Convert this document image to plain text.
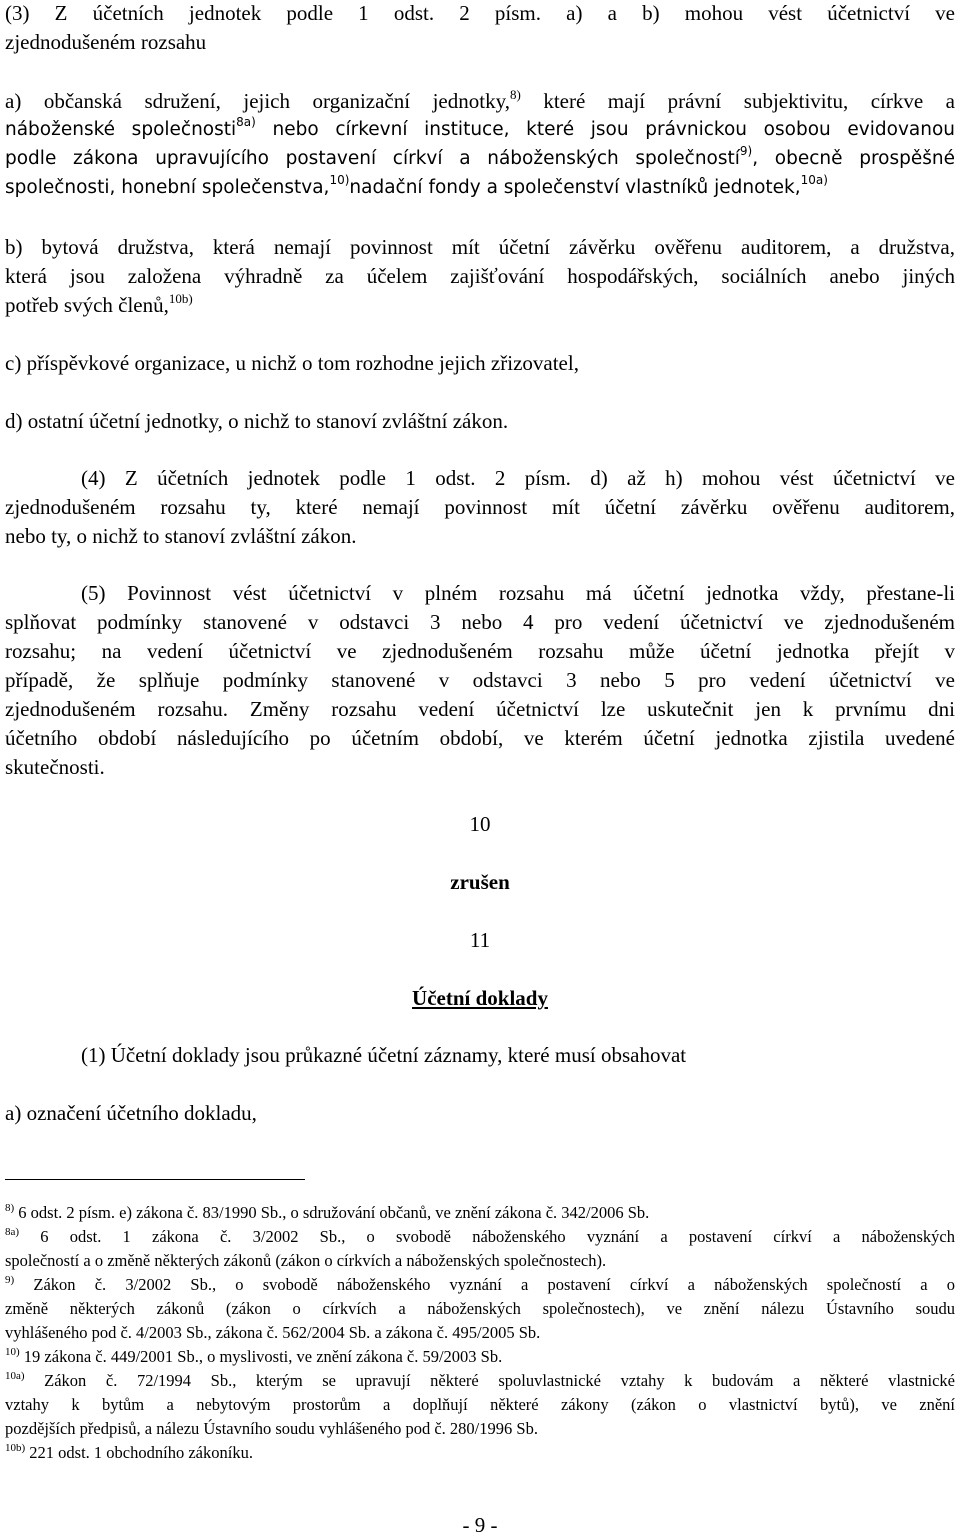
(3) Z účetních jednotek podle 1 odst. 2 písm. a) a b) mohou vést účetnictví ve
zjednodušeném rozsahu
a) občanská sdružení, jejich organizační jednotky,$^{8)}$ které mají právní subjektivitu, církve a
náboženské společnosti$^{8a)}$ nebo církevní instituce, které jsou právnickou osobou evidovanou
podle zákona upravujícího postavení církví a náboženských společností$^{9)}$, obecně prospěšné
společnosti, honební společenstva,$^{10)}$nadační fondy a společenství vlastníků jednotek,$^{10a)}$
b) bytová družstva, která nemají povinnost mít účetní závěrku ověřenu auditorem, a družstva,
která jsou založena výhradně za účelem zajišťování hospodářských, sociálních anebo jiných
potřeb svých členů,$^{10b)}$
c) příspěvkové organizace, u nichž o tom rozhodne jejich zřizovatel,
d) ostatní účetní jednotky, o nichž to stanoví zvláštní zákon.
(4) Z účetních jednotek podle 1 odst. 2 písm. d) až h) mohou vést účetnictví ve
zjednodušeném rozsahu ty, které nemají povinnost mít účetní závěrku ověřenu auditorem,
nebo ty, o nichž to stanoví zvláštní zákon.
(5) Povinnost vést účetnictví v plném rozsahu má účetní jednotka vždy, přestane-li
splňovat podmínky stanovené v odstavci 3 nebo 4 pro vedení účetnictví ve zjednodušeném
rozsahu; na vedení účetnictví ve zjednodušeném rozsahu může účetní jednotka přejít v
případě, že splňuje podmínky stanovené v odstavci 3 nebo 5 pro vedení účetnictví ve
zjednodušeném rozsahu. Změny rozsahu vedení účetnictví lze uskutečnit jen k prvnímu dni
účetního období následujícího po účetním období, ve kterém účetní jednotka zjistila uvedené
skutečnosti.
10
zrušen
11
Účetní doklady
(1) Účetní doklady jsou průkazné účetní záznamy, které musí obsahovat
a) označení účetního dokladu,
$^{8)}$ 6 odst. 2 písm. e) zákona č. 83/1990 Sb., o sdružování občanů, ve znění zákona č. 342/2006 Sb.
$^{8a)}$ 6 odst. 1 zákona č. 3/2002 Sb., o svobodě náboženského vyznání a postavení církví a náboženských
společností a o změně některých zákonů (zákon o církvích a náboženských společnostech).
$^{9)}$ Zákon č. 3/2002 Sb., o svobodě náboženského vyznání a postavení církví a náboženských společností a o
změně některých zákonů (zákon o církvích a náboženských společnostech), ve znění nálezu Ústavního soudu
vyhlášeného pod č. 4/2003 Sb., zákona č. 562/2004 Sb. a zákona č. 495/2005 Sb.
$^{10)}$ 19 zákona č. 449/2001 Sb., o myslivosti, ve znění zákona č. 59/2003 Sb.
$^{10a)}$ Zákon č. 72/1994 Sb., kterým se upravují některé spoluvlastnické vztahy k budovám a některé vlastnické
vztahy k bytům a nebytovým prostorům a doplňují některé zákony (zákon o vlastnictví bytů), ve znění
pozdějších předpisů, a nálezu Ústavního soudu vyhlášeného pod č. 280/1996 Sb.
$^{10b)}$ 221 odst. 1 obchodního zákoníku.
- 9 -
